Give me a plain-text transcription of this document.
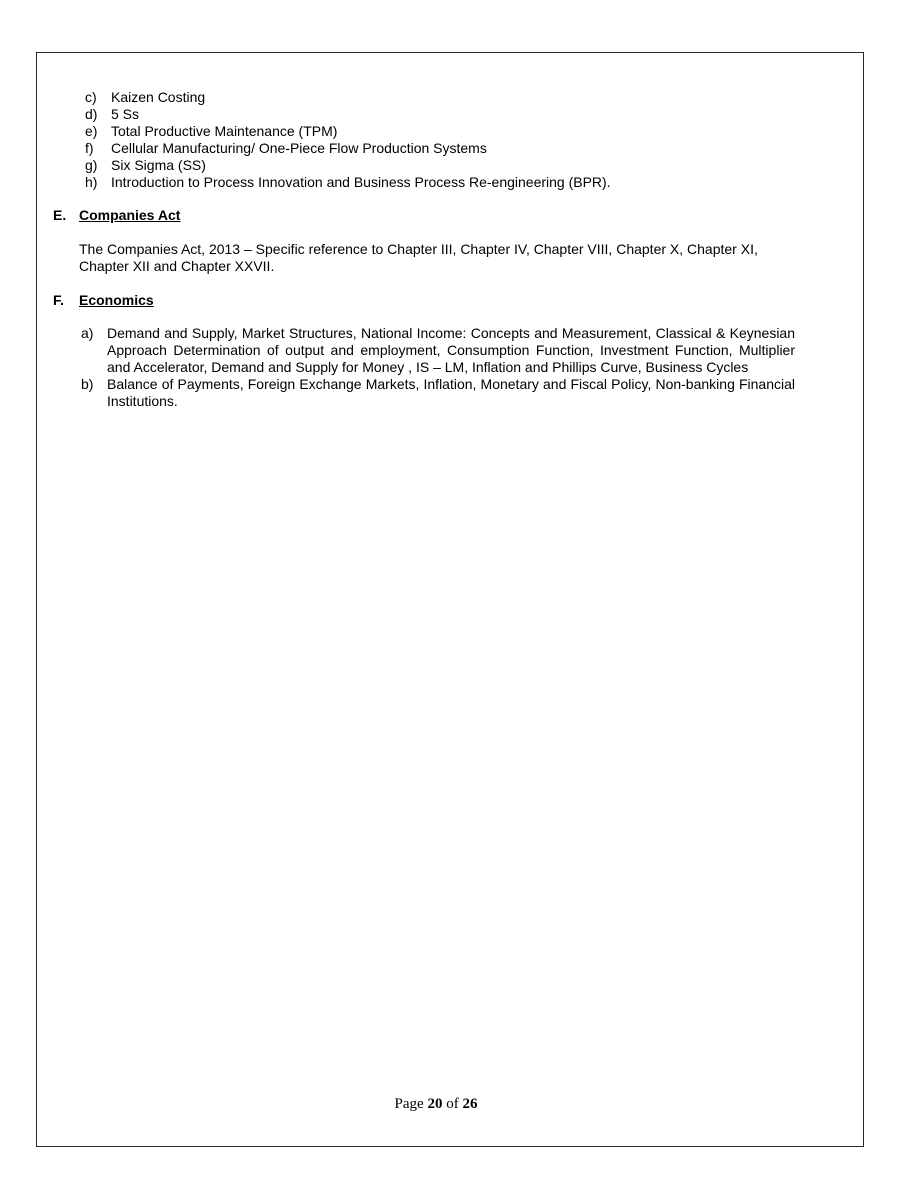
c)	Kaizen Costing
d) 5 Ss
e) Total Productive Maintenance (TPM)
f)	Cellular Manufacturing/ One-Piece Flow Production Systems
g) Six Sigma (SS)
h) Introduction to Process Innovation and Business Process Re-engineering (BPR).
E. Companies Act

The Companies Act, 2013 – Specific reference to Chapter III, Chapter IV, Chapter VIII, Chapter X, Chapter XI, Chapter XII and Chapter XXVII.

F.	Economics
a) Demand and Supply, Market Structures, National Income: Concepts and Measurement, Classical & Keynesian Approach Determination of output and employment, Consumption Function, Investment Function, Multiplier and Accelerator, Demand and Supply for Money , IS – LM, Inflation and Phillips Curve, Business Cycles
b) Balance of Payments, Foreign Exchange Markets, Inflation, Monetary and Fiscal Policy, Non-banking Financial Institutions.
Page 20 of 26
